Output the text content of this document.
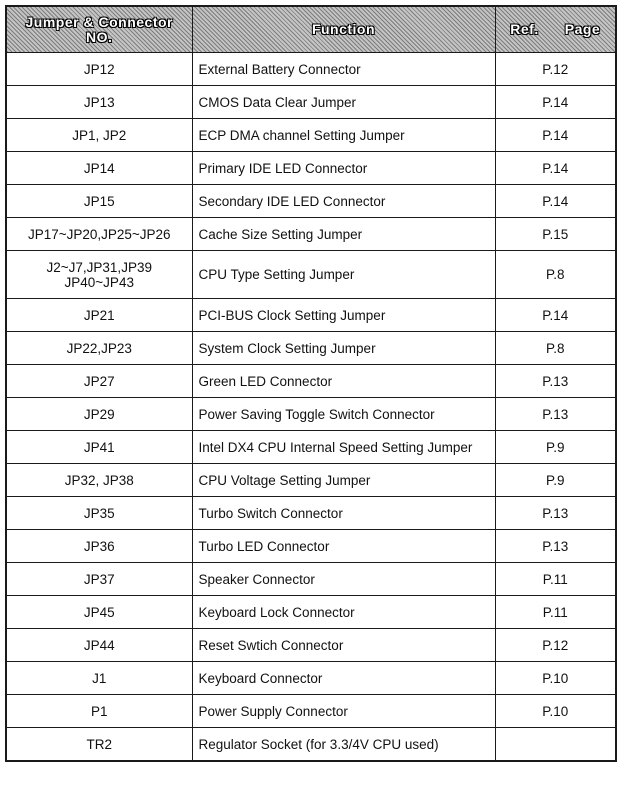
Jumper & Connector
NO.	Function	Ref. Page
JP12	External Battery Connector	P.12
JP13	CMOS Data Clear Jumper	P.14
JP1, JP2	ECP DMA channel Setting Jumper	P.14
JP14	Primary IDE LED Connector	P.14
JP15	Secondary IDE LED Connector	P.14
JP17~JP20,JP25~JP26	Cache Size Setting Jumper	P.15
J2~J7,JP31,JP39
JP40~JP43	CPU Type Setting Jumper	P.8
JP21	PCI-BUS Clock Setting Jumper	P.14
JP22,JP23	System Clock Setting Jumper	P.8
JP27	Green LED Connector	P.13
JP29	Power Saving Toggle Switch Connector	P.13
JP41	Intel DX4 CPU Internal Speed Setting Jumper	P.9
JP32, JP38	CPU Voltage Setting Jumper	P.9
JP35	Turbo Switch Connector	P.13
JP36	Turbo LED Connector	P.13
JP37	Speaker Connector	P.11
JP45	Keyboard Lock Connector	P.11
JP44	Reset Swtich Connector	P.12
J1	Keyboard Connector	P.10
P1	Power Supply Connector	P.10
TR2	Regulator Socket (for 3.3/4V CPU used)	
